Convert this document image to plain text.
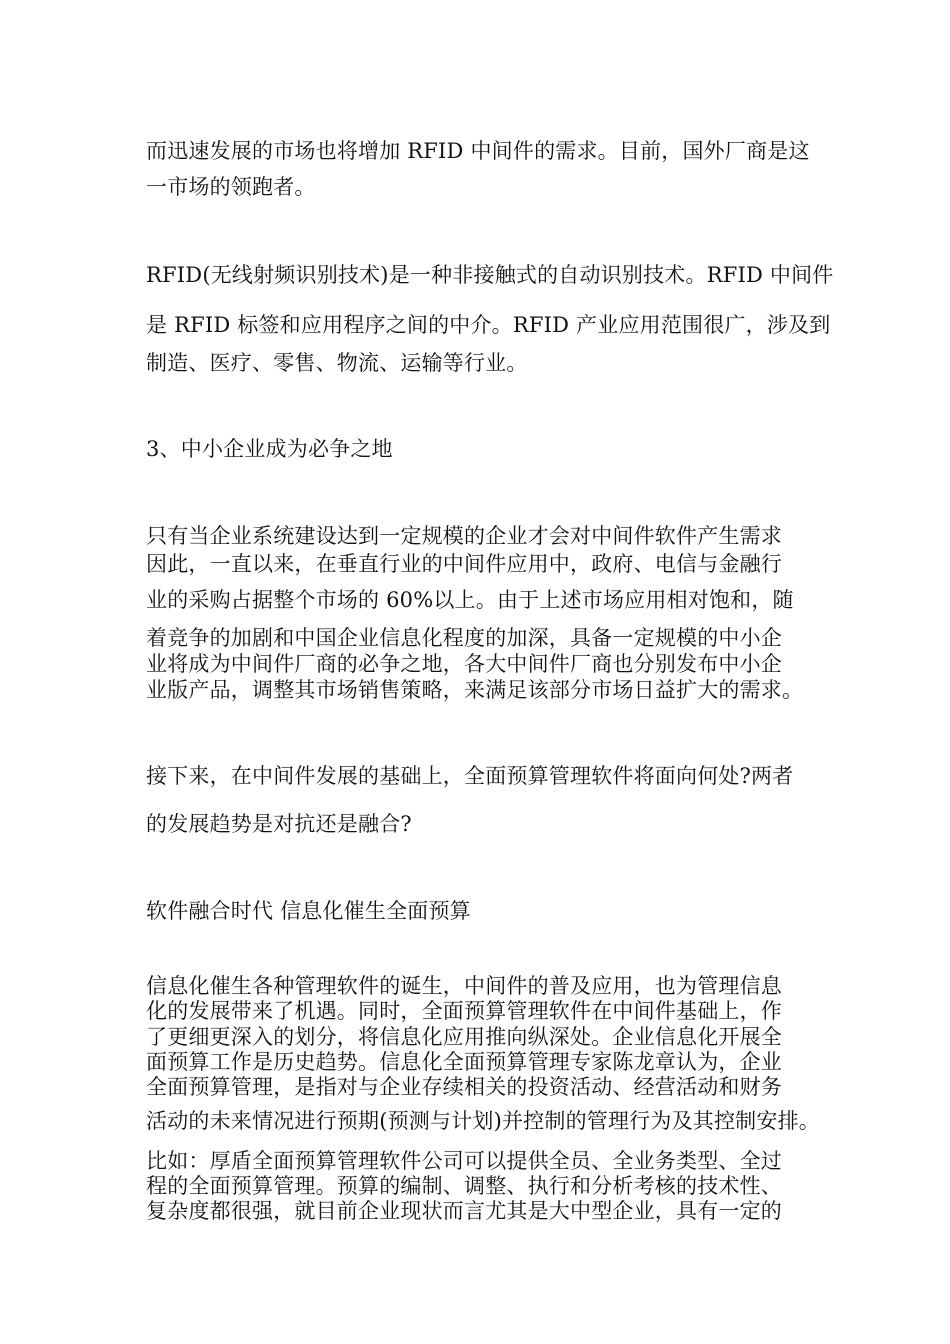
而迅速发展的市场也将增加 RFID 中间件的需求。目前，国外厂商是这
一市场的领跑者。
RFID(无线射频识别技术)是一种非接触式的自动识别技术。RFID 中间件
是 RFID 标签和应用程序之间的中介。RFID 产业应用范围很广，涉及到
制造、医疗、零售、物流、运输等行业。
3、中小企业成为必争之地
只有当企业系统建设达到一定规模的企业才会对中间件软件产生需求
因此，一直以来，在垂直行业的中间件应用中，政府、电信与金融行
业的采购占据整个市场的 60%以上。由于上述市场应用相对饱和，随
着竞争的加剧和中国企业信息化程度的加深，具备一定规模的中小企
业将成为中间件厂商的必争之地，各大中间件厂商也分别发布中小企
业版产品，调整其市场销售策略，来满足该部分市场日益扩大的需求。
接下来，在中间件发展的基础上，全面预算管理软件将面向何处?两者
的发展趋势是对抗还是融合?
软件融合时代 信息化催生全面预算
信息化催生各种管理软件的诞生，中间件的普及应用，也为管理信息
化的发展带来了机遇。同时，全面预算管理软件在中间件基础上，作
了更细更深入的划分，将信息化应用推向纵深处。企业信息化开展全
面预算工作是历史趋势。信息化全面预算管理专家陈龙章认为，企业
全面预算管理，是指对与企业存续相关的投资活动、经营活动和财务
活动的未来情况进行预期(预测与计划)并控制的管理行为及其控制安排。
比如：厚盾全面预算管理软件公司可以提供全员、全业务类型、全过
程的全面预算管理。预算的编制、调整、执行和分析考核的技术性、
复杂度都很强，就目前企业现状而言尤其是大中型企业，具有一定的
